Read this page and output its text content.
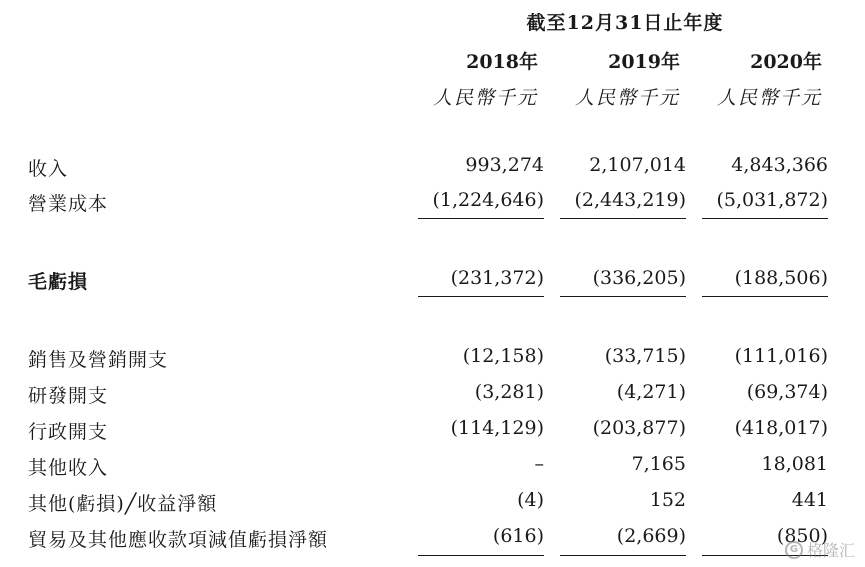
截至12月31日止年度
2018年	2019年	2020年
人民幣千元	人民幣千元	人民幣千元
收入	993,274	2,107,014	4,843,366
營業成本	(1,224,646)	(2,443,219)	(5,031,872)
毛虧損	(231,372)	(336,205)	(188,506)
銷售及營銷開支	(12,158)	(33,715)	(111,016)
研發開支	(3,281)	(4,271)	(69,374)
行政開支	(114,129)	(203,877)	(418,017)
其他收入	–	7,165	18,081
其他(虧損)╱收益淨額	(4)	152	441
貿易及其他應收款項減值虧損淨額	(616)	(2,669)	(850)
G 格隆汇
